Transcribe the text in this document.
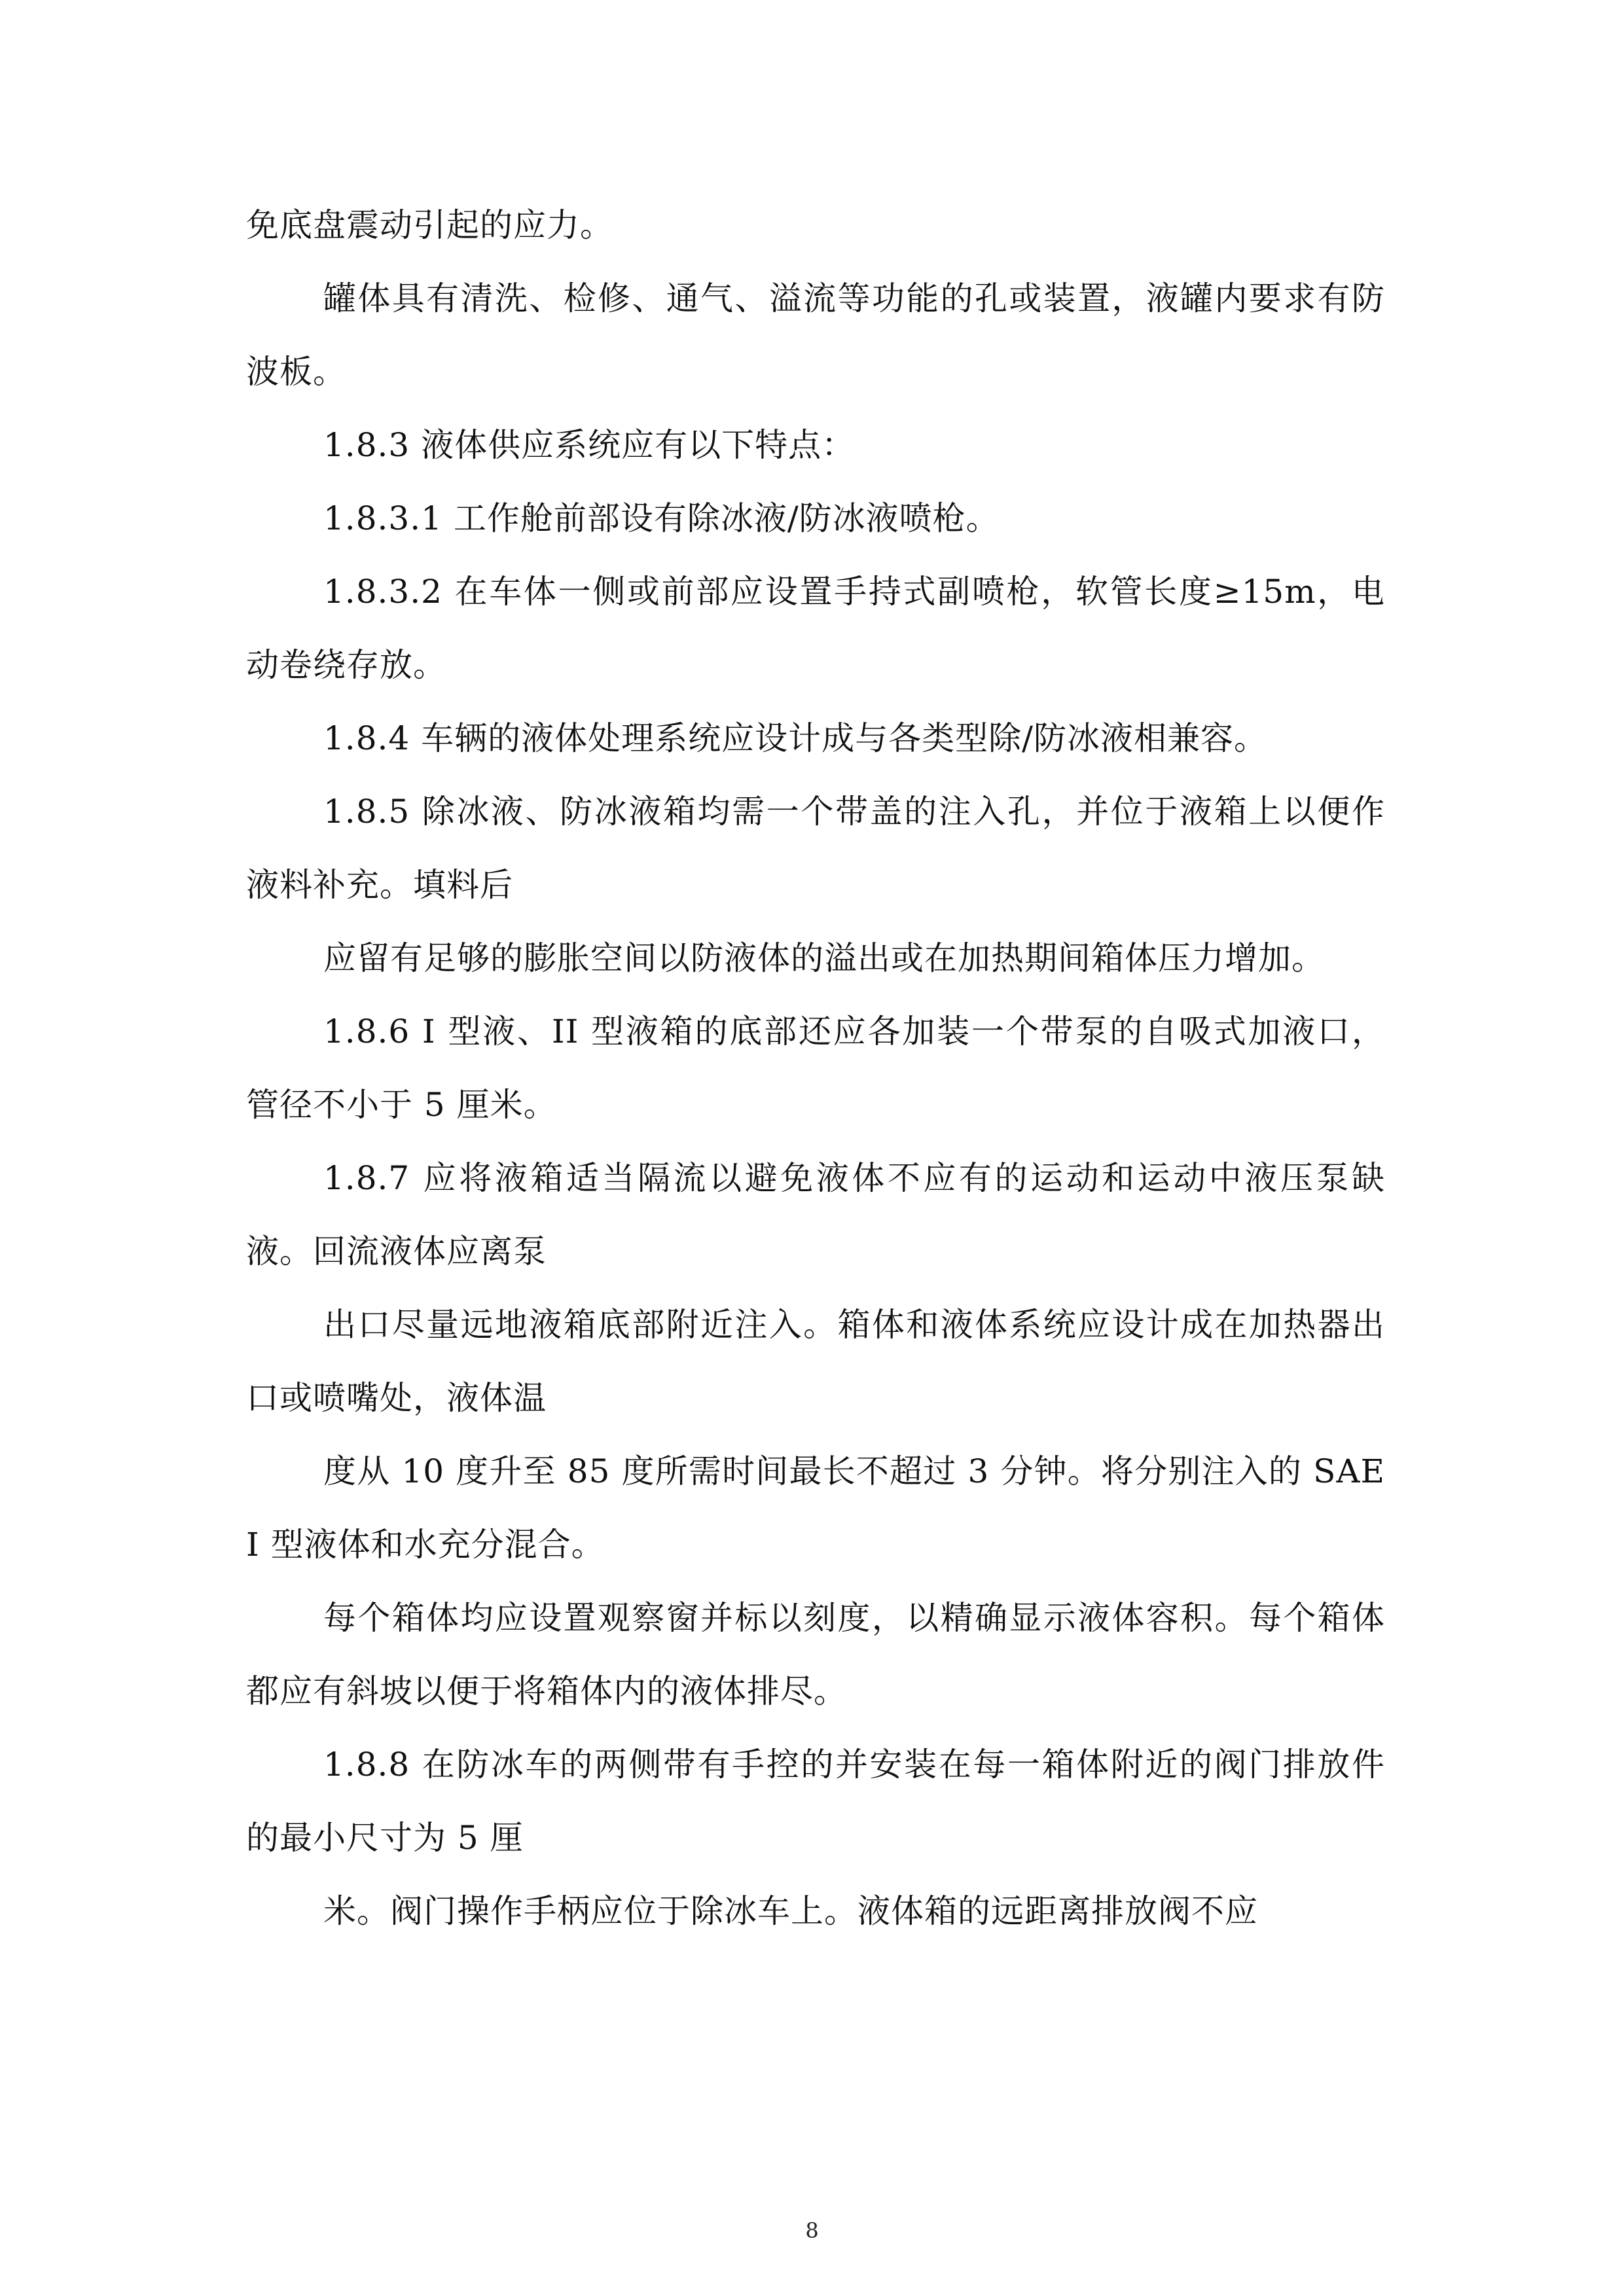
免底盘震动引起的应力。

罐体具有清洗、检修、通气、溢流等功能的孔或装置，液罐内要求有防波板。

1.8.3 液体供应系统应有以下特点：

1.8.3.1 工作舱前部设有除冰液/防冰液喷枪。

1.8.3.2 在车体一侧或前部应设置手持式副喷枪，软管长度≥15m，电动卷绕存放。

1.8.4 车辆的液体处理系统应设计成与各类型除/防冰液相兼容。

1.8.5 除冰液、防冰液箱均需一个带盖的注入孔，并位于液箱上以便作液料补充。填料后

应留有足够的膨胀空间以防液体的溢出或在加热期间箱体压力增加。

1.8.6 I 型液、II 型液箱的底部还应各加装一个带泵的自吸式加液口，管径不小于 5 厘米。

1.8.7 应将液箱适当隔流以避免液体不应有的运动和运动中液压泵缺液。回流液体应离泵

出口尽量远地液箱底部附近注入。箱体和液体系统应设计成在加热器出口或喷嘴处，液体温

度从 10 度升至 85 度所需时间最长不超过 3 分钟。将分别注入的 SAE I 型液体和水充分混合。

每个箱体均应设置观察窗并标以刻度，以精确显示液体容积。每个箱体都应有斜坡以便于将箱体内的液体排尽。

1.8.8 在防冰车的两侧带有手控的并安装在每一箱体附近的阀门排放件的最小尺寸为 5 厘

米。阀门操作手柄应位于除冰车上。液体箱的远距离排放阀不应

8
